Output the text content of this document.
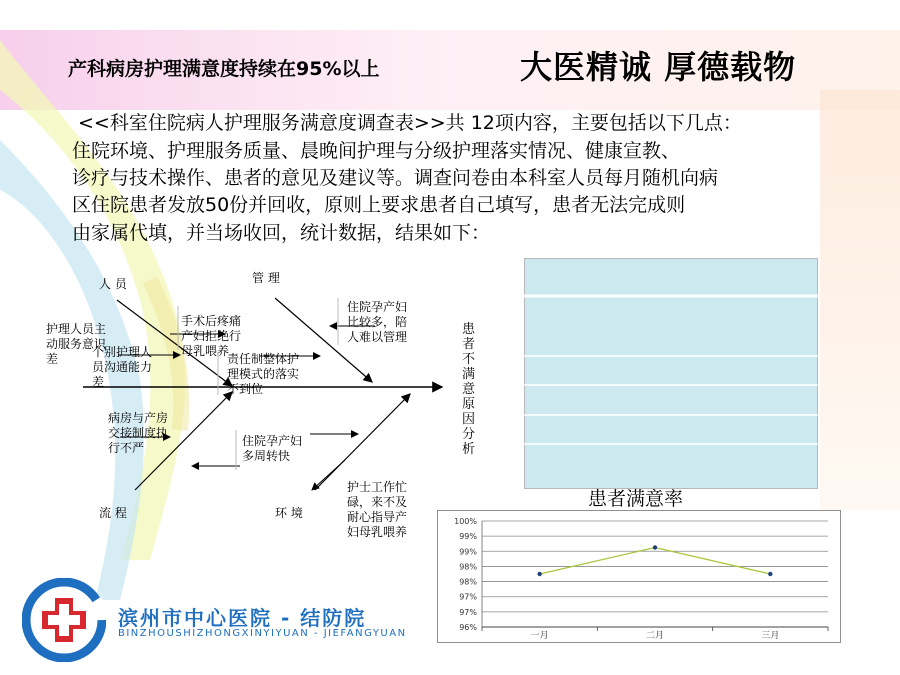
产科病房护理满意度持续在95%以上	大医精诚 厚德载物
<<科室住院病人护理服务满意度调查表>>共 12项内容，主要包括以下几点：
住院环境、护理服务质量、晨晚间护理与分级护理落实情况、健康宣教、
诊疗与技术操作、患者的意见及建议等。调查问卷由本科室人员每月随机向病
区住院患者发放50份并回收，原则上要求患者自己填写，患者无法完成则
由家属代填，并当场收回，统计数据，结果如下：
人 员	管 理
流 程	环 境
护理人员主动服务意识差	个别护理人员沟通能力差
手术后疼痛产妇拒绝行母乳喂养
责任制整体护理模式的落实不到位
住院孕产妇比较多，陪人难以管理
病房与产房交接制度执行不严	住院孕产妇多周转快
护士工作忙碌，来不及耐心指导产妇母乳喂养
患者不满意原因分析
患者满意率
96%
97%
97%
98%
98%
99%
99%
100%
一月	二月	三月
滨州市中心医院 - 结防院
BINZHOUSHIZHONGXINYIYUAN - JIEFANGYUAN
